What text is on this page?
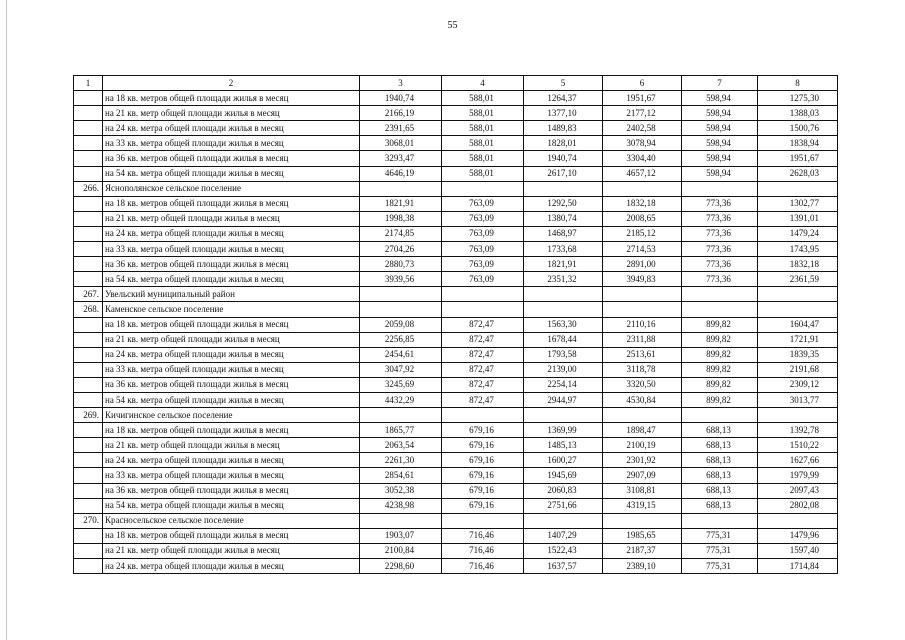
55
1	2	3	4	5	6	7	8
	на 18 кв. метров общей площади жилья в месяц	1940,74	588,01	1264,37	1951,67	598,94	1275,30
	на 21 кв. метр общей площади жилья в месяц	2166,19	588,01	1377,10	2177,12	598,94	1388,03
	на 24 кв. метра общей площади жилья в месяц	2391,65	588,01	1489,83	2402,58	598,94	1500,76
	на 33 кв. метра общей площади жилья в месяц	3068,01	588,01	1828,01	3078,94	598,94	1838,94
	на 36 кв. метров общей площади жилья в месяц	3293,47	588,01	1940,74	3304,40	598,94	1951,67
	на 54 кв. метра общей площади жилья в месяц	4646,19	588,01	2617,10	4657,12	598,94	2628,03
266.	Яснополянское сельское поселение						
	на 18 кв. метров общей площади жилья в месяц	1821,91	763,09	1292,50	1832,18	773,36	1302,77
	на 21 кв. метр общей площади жилья в месяц	1998,38	763,09	1380,74	2008,65	773,36	1391,01
	на 24 кв. метра общей площади жилья в месяц	2174,85	763,09	1468,97	2185,12	773,36	1479,24
	на 33 кв. метра общей площади жилья в месяц	2704,26	763,09	1733,68	2714,53	773,36	1743,95
	на 36 кв. метров общей площади жилья в месяц	2880,73	763,09	1821,91	2891,00	773,36	1832,18
	на 54 кв. метра общей площади жилья в месяц	3939,56	763,09	2351,32	3949,83	773,36	2361,59
267.	Увельский муниципальный район						
268.	Каменское сельское поселение						
	на 18 кв. метров общей площади жилья в месяц	2059,08	872,47	1563,30	2110,16	899,82	1604,47
	на 21 кв. метр общей площади жилья в месяц	2256,85	872,47	1678,44	2311,88	899,82	1721,91
	на 24 кв. метра общей площади жилья в месяц	2454,61	872,47	1793,58	2513,61	899,82	1839,35
	на 33 кв. метра общей площади жилья в месяц	3047,92	872,47	2139,00	3118,78	899,82	2191,68
	на 36 кв. метров общей площади жилья в месяц	3245,69	872,47	2254,14	3320,50	899,82	2309,12
	на 54 кв. метра общей площади жилья в месяц	4432,29	872,47	2944,97	4530,84	899,82	3013,77
269.	Кичигинское сельское поселение						
	на 18 кв. метров общей площади жилья в месяц	1865,77	679,16	1369,99	1898,47	688,13	1392,78
	на 21 кв. метр общей площади жилья в месяц	2063,54	679,16	1485,13	2100,19	688,13	1510,22
	на 24 кв. метра общей площади жилья в месяц	2261,30	679,16	1600,27	2301,92	688,13	1627,66
	на 33 кв. метра общей площади жилья в месяц	2854,61	679,16	1945,69	2907,09	688,13	1979,99
	на 36 кв. метров общей площади жилья в месяц	3052,38	679,16	2060,83	3108,81	688,13	2097,43
	на 54 кв. метра общей площади жилья в месяц	4238,98	679,16	2751,66	4319,15	688,13	2802,08
270.	Красносельское сельское поселение						
	на 18 кв. метров общей площади жилья в месяц	1903,07	716,46	1407,29	1985,65	775,31	1479,96
	на 21 кв. метр общей площади жилья в месяц	2100,84	716,46	1522,43	2187,37	775,31	1597,40
	на 24 кв. метра общей площади жилья в месяц	2298,60	716,46	1637,57	2389,10	775,31	1714,84
